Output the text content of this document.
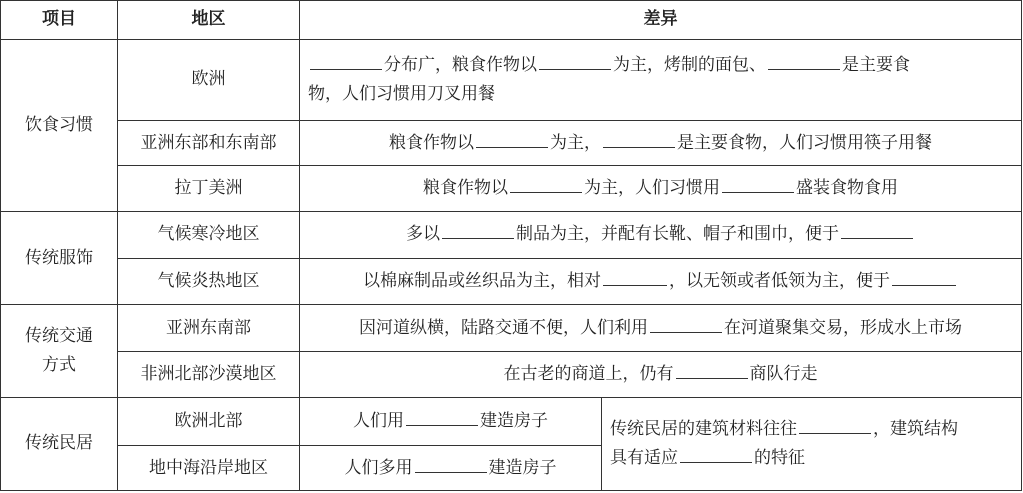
项目	地区	差异	
饮食习惯	欧洲	分布广，粮食作物以 为主，烤制的面包、 是主要食
物，人们习惯用刀叉用餐	

	亚洲东部和东南部	粮食作物以 为主， 是主要食物，人们习惯用筷子用餐	
	拉丁美洲	粮食作物以 为主，人们习惯用 盛装食物食用	
传统服饰	气候寒冷地区	多以 制品为主，并配有长靴、帽子和围巾，便于	
	气候炎热地区	以棉麻制品或丝织品为主，相对 ，以无领或者低领为主，便于	

传统交通
方式	亚洲东南部	因河道纵横，陆路交通不便，人们利用 在河道聚集交易，形成水上市场	
	非洲北部沙漠地区	在古老的商道上，仍有 商队行走	
传统民居	欧洲北部	人们用 建造房子	传统民居的建筑材料往往 ，建筑结构
具有适应 的特征

	地中海沿岸地区	人们多用 建造房子	
